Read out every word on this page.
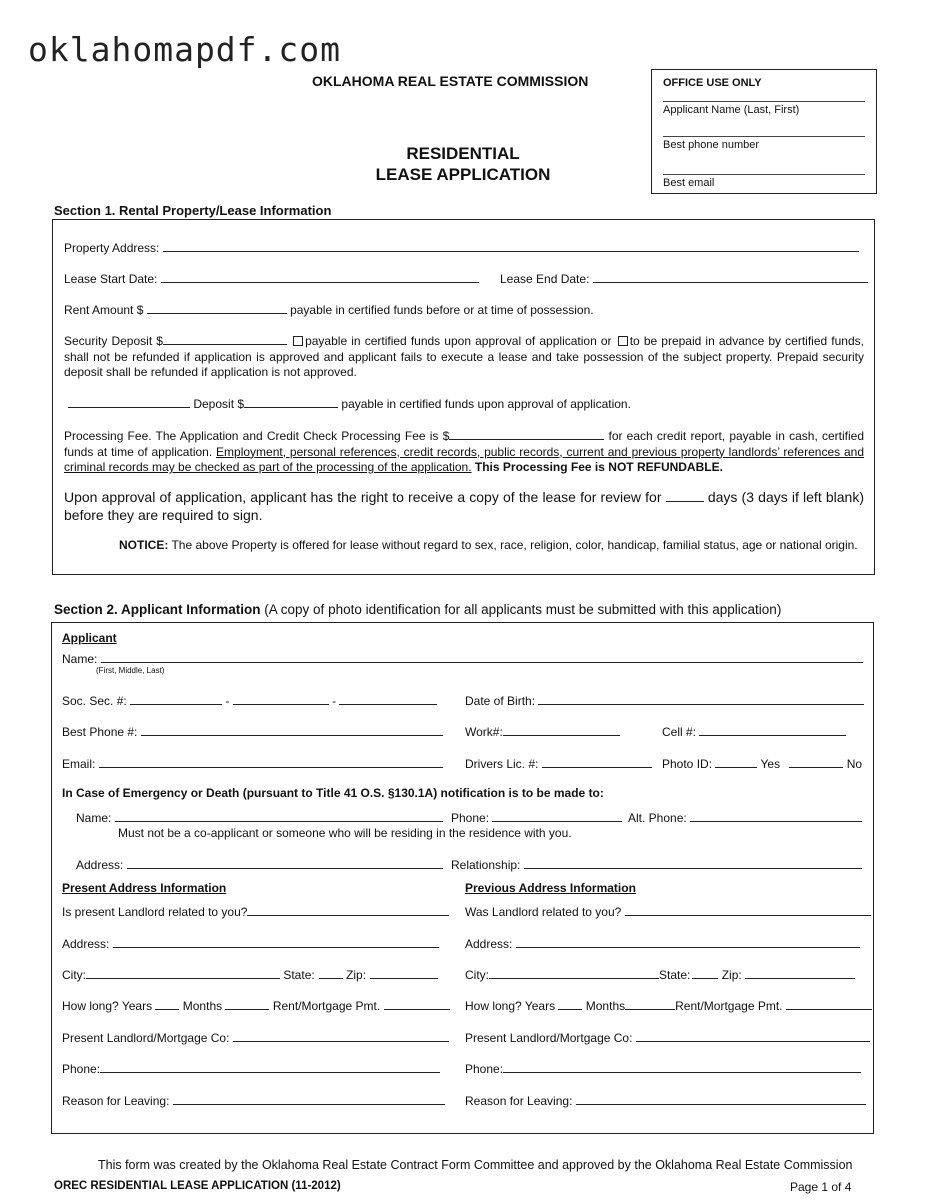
oklahomapdf.com
OKLAHOMA REAL ESTATE COMMISSION
RESIDENTIAL
LEASE APPLICATION
OFFICE USE ONLY
Applicant Name (Last, First)
Best phone number
Best email
Section 1. Rental Property/Lease Information
Property Address:
Lease Start Date:	Lease End Date:
Rent Amount $	payable in certified funds before or at time of possession.
Security Deposit $	payable in certified funds upon approval of application or to be prepaid in advance by certified funds, shall not be refunded if application is approved and applicant fails to execute a lease and take possession of the subject property. Prepaid security deposit shall be refunded if application is not approved.
Deposit $	payable in certified funds upon approval of application.
Processing Fee. The Application and Credit Check Processing Fee is $	for each credit report, payable in cash, certified funds at time of application. Employment, personal references, credit records, public records, current and previous property landlords’ references and criminal records may be checked as part of the processing of the application. This Processing Fee is NOT REFUNDABLE.
Upon approval of application, applicant has the right to receive a copy of the lease for review for	days (3 days if left blank) before they are required to sign.
NOTICE: The above Property is offered for lease without regard to sex, race, religion, color, handicap, familial status, age or national origin.
Section 2. Applicant Information (A copy of photo identification for all applicants must be submitted with this application)
Applicant
Name:
(First, Middle, Last)
Soc. Sec. #:	-	-	Date of Birth:
Best Phone #:	Work#:	Cell #:
Email:	Drivers Lic. #:	Photo ID:	Yes	No
In Case of Emergency or Death (pursuant to Title 41 O.S. §130.1A) notification is to be made to:
Name:	Phone:	Alt. Phone:
Must not be a co-applicant or someone who will be residing in the residence with you.
Address:	Relationship:
Present Address Information
Is present Landlord related to you?
Address:
City:	State:	Zip:
How long? Years	Months	Rent/Mortgage Pmt.
Present Landlord/Mortgage Co:
Phone:
Reason for Leaving:
Previous Address Information
Was Landlord related to you?
Address:
City:	State:	Zip:
How long? Years	Months	Rent/Mortgage Pmt.
Present Landlord/Mortgage Co:
Phone:
Reason for Leaving:
This form was created by the Oklahoma Real Estate Contract Form Committee and approved by the Oklahoma Real Estate Commission
OREC RESIDENTIAL LEASE APPLICATION (11-2012)	Page 1 of 4
